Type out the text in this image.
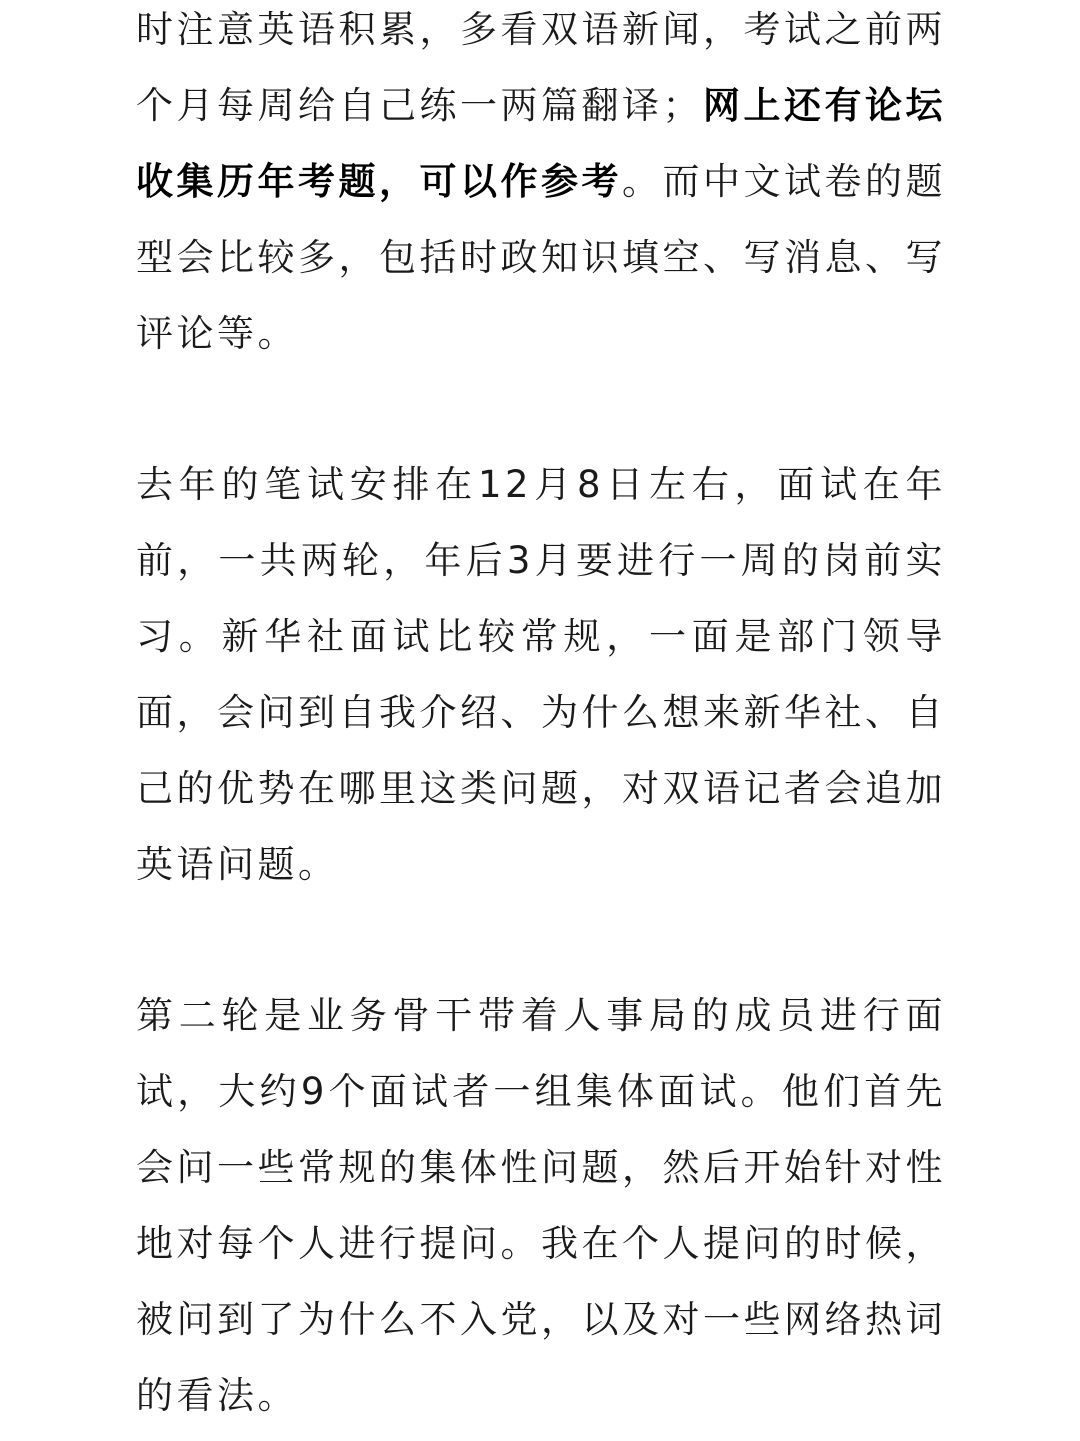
时注意英语积累，多看双语新闻，考试之前两个月每周给自己练一两篇翻译；网上还有论坛收集历年考题，可以作参考。而中文试卷的题型会比较多，包括时政知识填空、写消息、写评论等。

去年的笔试安排在12月8日左右，面试在年前，一共两轮，年后3月要进行一周的岗前实习。新华社面试比较常规，一面是部门领导面，会问到自我介绍、为什么想来新华社、自己的优势在哪里这类问题，对双语记者会追加英语问题。

第二轮是业务骨干带着人事局的成员进行面试，大约9个面试者一组集体面试。他们首先会问一些常规的集体性问题，然后开始针对性地对每个人进行提问。我在个人提问的时候，被问到了为什么不入党，以及对一些网络热词的看法。
